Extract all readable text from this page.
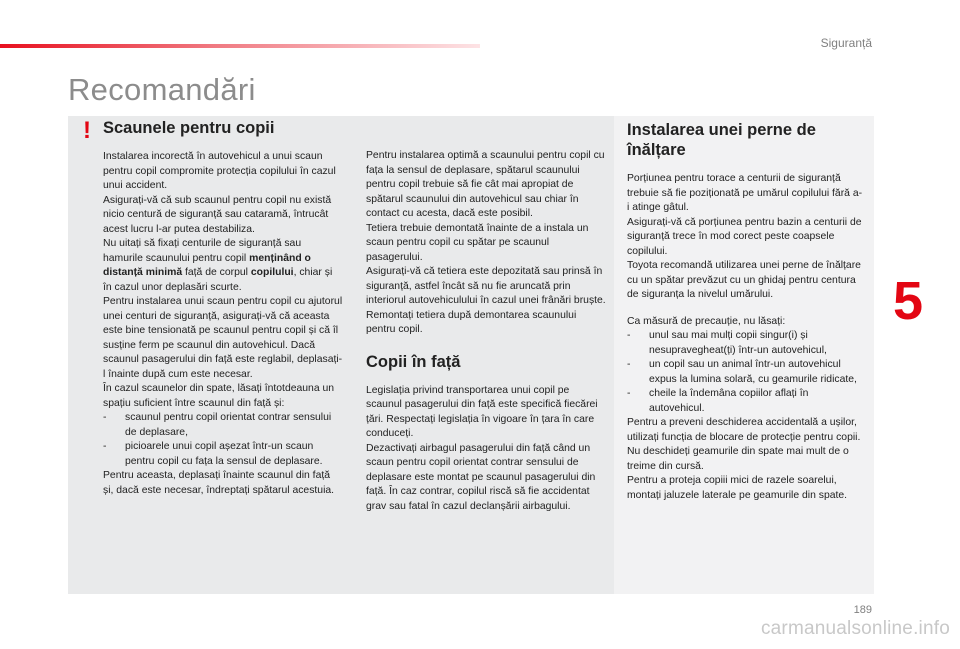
Siguranță
Recomandări
! Scaunele pentru copii

Instalarea incorectă în autovehicul a unui scaun pentru copil compromite protecția copilului în cazul unui accident.

Asigurați-vă că sub scaunul pentru copil nu există nicio centură de siguranță sau cataramă, întrucât acest lucru l-ar putea destabiliza.

Nu uitați să fixați centurile de siguranță sau hamurile scaunului pentru copil menținând o distanță minimă față de corpul copilului, chiar și în cazul unor deplasări scurte.

Pentru instalarea unui scaun pentru copil cu ajutorul unei centuri de siguranță, asigurați-vă că aceasta este bine tensionată pe scaunul pentru copil și că îl susține ferm pe scaunul din autovehicul. Dacă scaunul pasagerului din față este reglabil, deplasați-l înainte după cum este necesar.

În cazul scaunelor din spate, lăsați întotdeauna un spațiu suficient între scaunul din față și:

-	scaunul pentru copil orientat contrar sensului de deplasare,
-	picioarele unui copil așezat într-un scaun pentru copil cu fața la sensul de deplasare.

Pentru aceasta, deplasați înainte scaunul din față și, dacă este necesar, îndreptați spătarul acestuia.

Pentru instalarea optimă a scaunului pentru copil cu fața la sensul de deplasare, spătarul scaunului pentru copil trebuie să fie cât mai apropiat de spătarul scaunului din autovehicul sau chiar în contact cu acesta, dacă este posibil.

Tetiera trebuie demontată înainte de a instala un scaun pentru copil cu spătar pe scaunul pasagerului.

Asigurați-vă că tetiera este depozitată sau prinsă în siguranță, astfel încât să nu fie aruncată prin interiorul autovehiculului în cazul unei frânări bruște.

Remontați tetiera după demontarea scaunului pentru copil.

Copii în față

Legislația privind transportarea unui copil pe scaunul pasagerului din față este specifică fiecărei țări. Respectați legislația în vigoare în țara în care conduceți.

Dezactivați airbagul pasagerului din față când un scaun pentru copil orientat contrar sensului de deplasare este montat pe scaunul pasagerului din față. În caz contrar, copilul riscă să fie accidentat grav sau fatal în cazul declanșării airbagului.

Instalarea unei perne de înălțare

Porțiunea pentru torace a centurii de siguranță trebuie să fie poziționată pe umărul copilului fără a-i atinge gâtul.

Asigurați-vă că porțiunea pentru bazin a centurii de siguranță trece în mod corect peste coapsele copilului.

Toyota recomandă utilizarea unei perne de înălțare cu un spătar prevăzut cu un ghidaj pentru centura de siguranța la nivelul umărului.

Ca măsură de precauție, nu lăsați:

-	unul sau mai mulți copii singur(i) și nesupravegheat(ți) într-un autovehicul,
-	un copil sau un animal într-un autovehicul expus la lumina solară, cu geamurile ridicate,
-	cheile la îndemâna copiilor aflați în autovehicul.

Pentru a preveni deschiderea accidentală a ușilor, utilizați funcția de blocare de protecție pentru copii.

Nu deschideți geamurile din spate mai mult de o treime din cursă.

Pentru a proteja copiii mici de razele soarelui, montați jaluzele laterale pe geamurile din spate.

5
189
carmanualsonline.info
